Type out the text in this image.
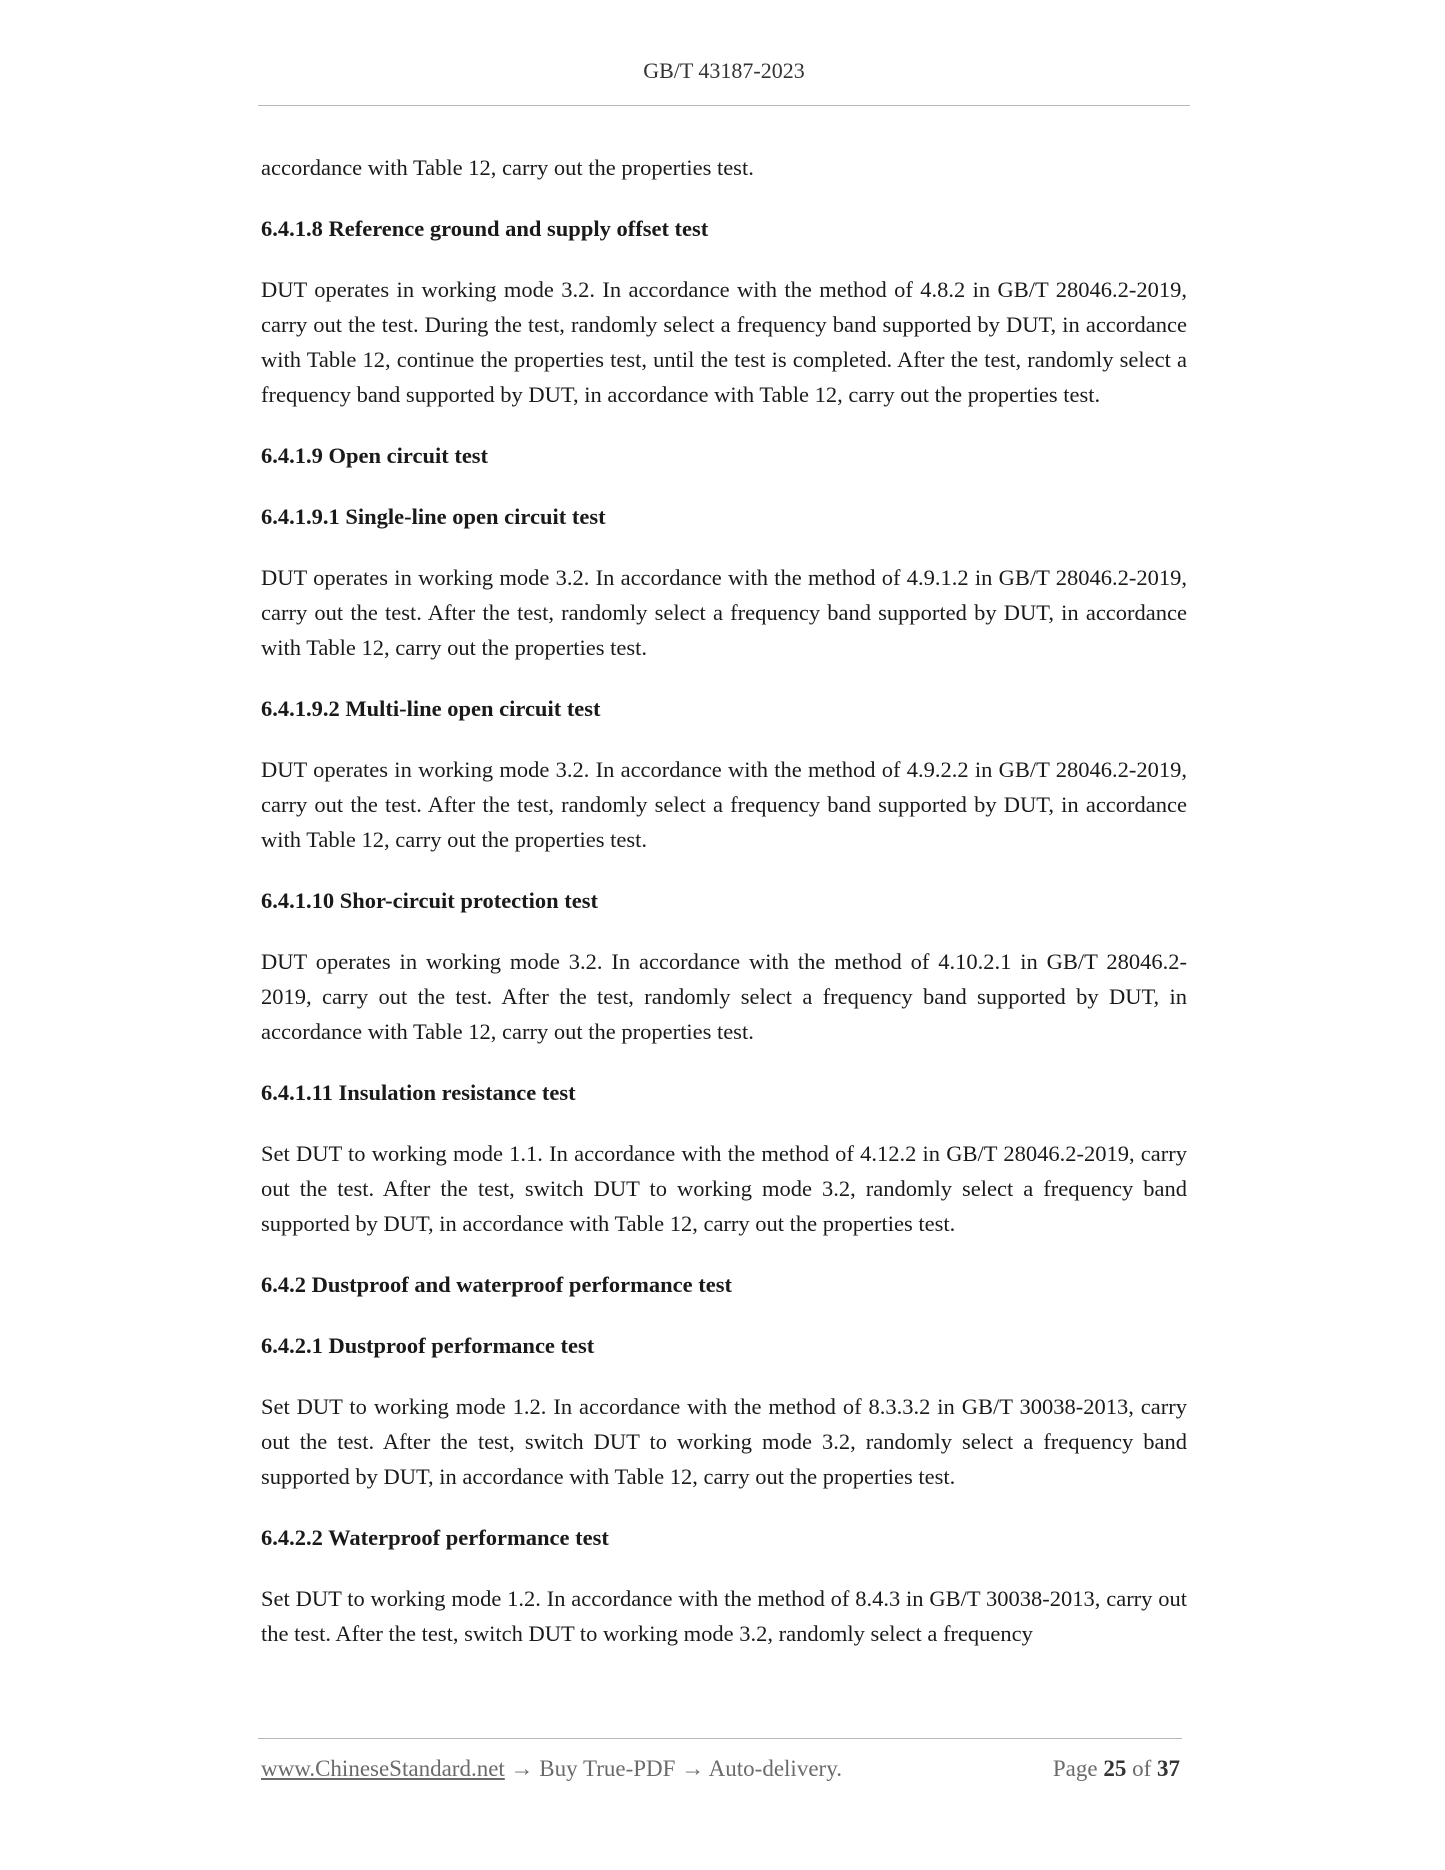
GB/T 43187-2023

accordance with Table 12, carry out the properties test.

6.4.1.8 Reference ground and supply offset test

DUT operates in working mode 3.2. In accordance with the method of 4.8.2 in GB/T 28046.2-2019, carry out the test. During the test, randomly select a frequency band supported by DUT, in accordance with Table 12, continue the properties test, until the test is completed. After the test, randomly select a frequency band supported by DUT, in accordance with Table 12, carry out the properties test.

6.4.1.9 Open circuit test
6.4.1.9.1 Single-line open circuit test

DUT operates in working mode 3.2. In accordance with the method of 4.9.1.2 in GB/T 28046.2-2019, carry out the test. After the test, randomly select a frequency band supported by DUT, in accordance with Table 12, carry out the properties test.

6.4.1.9.2 Multi-line open circuit test

DUT operates in working mode 3.2. In accordance with the method of 4.9.2.2 in GB/T 28046.2-2019, carry out the test. After the test, randomly select a frequency band supported by DUT, in accordance with Table 12, carry out the properties test.

6.4.1.10 Shor-circuit protection test

DUT operates in working mode 3.2. In accordance with the method of 4.10.2.1 in GB/T 28046.2-2019, carry out the test. After the test, randomly select a frequency band supported by DUT, in accordance with Table 12, carry out the properties test.

6.4.1.11 Insulation resistance test

Set DUT to working mode 1.1. In accordance with the method of 4.12.2 in GB/T 28046.2-2019, carry out the test. After the test, switch DUT to working mode 3.2, randomly select a frequency band supported by DUT, in accordance with Table 12, carry out the properties test.

6.4.2 Dustproof and waterproof performance test
6.4.2.1 Dustproof performance test

Set DUT to working mode 1.2. In accordance with the method of 8.3.3.2 in GB/T 30038-2013, carry out the test. After the test, switch DUT to working mode 3.2, randomly select a frequency band supported by DUT, in accordance with Table 12, carry out the properties test.

6.4.2.2 Waterproof performance test

Set DUT to working mode 1.2. In accordance with the method of 8.4.3 in GB/T 30038-2013, carry out the test. After the test, switch DUT to working mode 3.2, randomly select a frequency

www.ChineseStandard.net → Buy True-PDF → Auto-delivery.	Page 25 of 37
